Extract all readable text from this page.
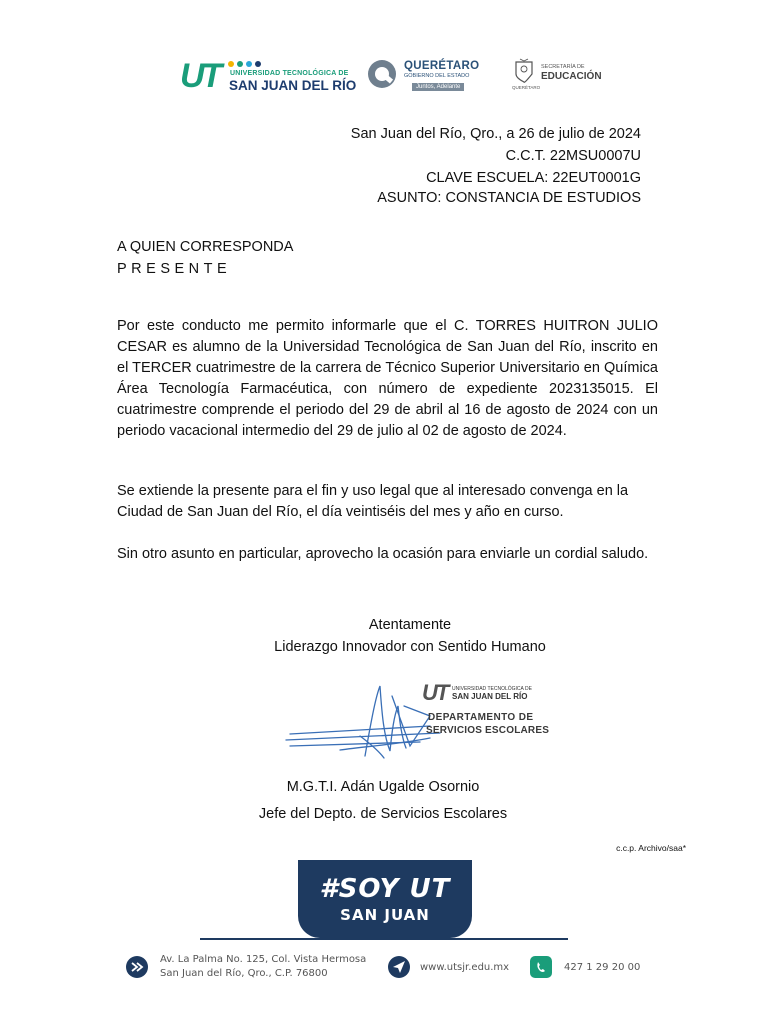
UT UNIVERSIDAD TECNOLÓGICA DE
SAN JUAN DEL RÍO
QUERÉTARO
GOBIERNO DEL ESTADO
Juntos, Adelante
SECRETARÍA DE
EDUCACIÓN
QUERÉTARO
San Juan del Río, Qro., a 26 de julio de 2024
C.C.T. 22MSU0007U
CLAVE ESCUELA: 22EUT0001G
ASUNTO: CONSTANCIA DE ESTUDIOS
A QUIEN CORRESPONDA
PRESENTE

Por este conducto me permito informarle que el C. TORRES HUITRON JULIO CESAR es alumno de la Universidad Tecnológica de San Juan del Río, inscrito en el TERCER cuatrimestre de la carrera de Técnico Superior Universitario en Química Área Tecnología Farmacéutica, con número de expediente 2023135015. El cuatrimestre comprende el periodo del 29 de abril al 16 de agosto de 2024 con un periodo vacacional intermedio del 29 de julio al 02 de agosto de 2024.

Se extiende la presente para el fin y uso legal que al interesado convenga en la Ciudad de San Juan del Río, el día veintiséis del mes y año en curso.

Sin otro asunto en particular, aprovecho la ocasión para enviarle un cordial saludo.

Atentamente
Liderazgo Innovador con Sentido Humano
UT UNIVERSIDAD TECNOLÓGICA DE
SAN JUAN DEL RÍO
DEPARTAMENTO DE
SERVICIOS ESCOLARES
M.G.T.I. Adán Ugalde Osornio
Jefe del Depto. de Servicios Escolares
c.c.p. Archivo/saa*
#SOY UT
SAN JUAN
Av. La Palma No. 125, Col. Vista Hermosa
San Juan del Río, Qro., C.P. 76800
www.utsjr.edu.mx	427 1 29 20 00
